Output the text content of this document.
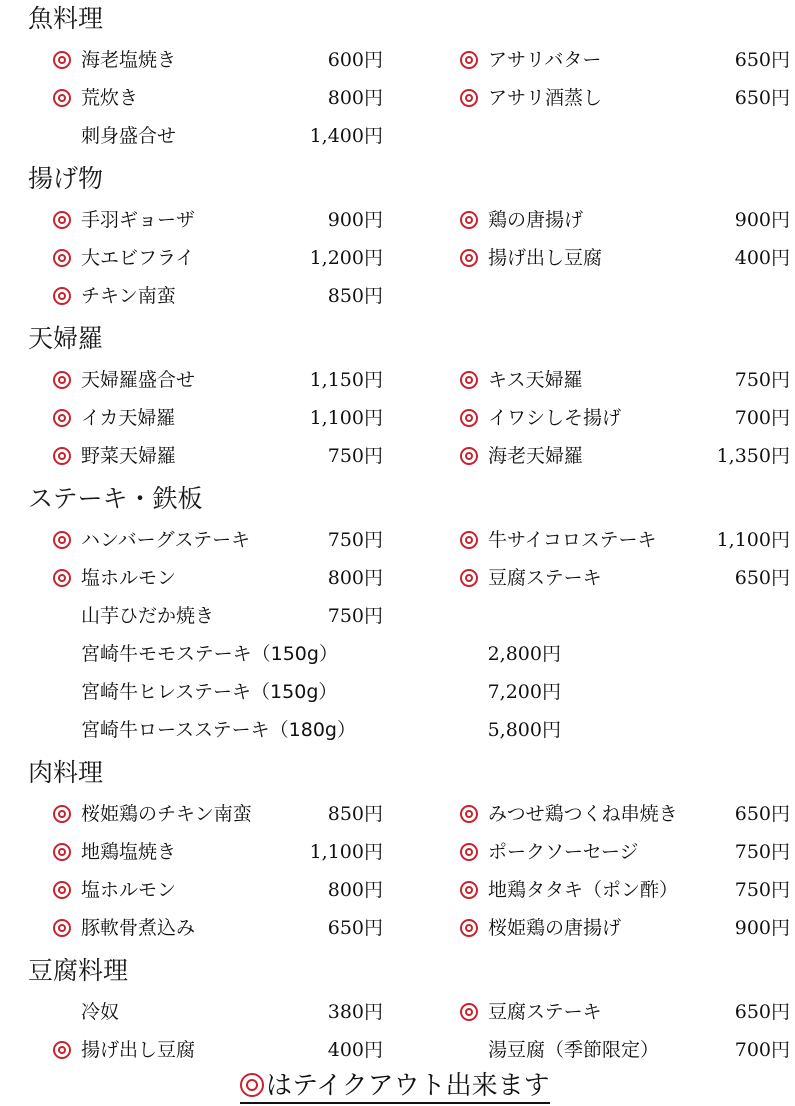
魚料理
海老塩焼き	600円	アサリバター	650円
荒炊き	800円	アサリ酒蒸し	650円
刺身盛合せ	1,400円
揚げ物
手羽ギョーザ	900円	鶏の唐揚げ	900円
大エビフライ	1,200円	揚げ出し豆腐	400円
チキン南蛮	850円
天婦羅
天婦羅盛合せ	1,150円	キス天婦羅	750円
イカ天婦羅	1,100円	イワシしそ揚げ	700円
野菜天婦羅	750円	海老天婦羅	1,350円
ステーキ・鉄板
ハンバーグステーキ	750円	牛サイコロステーキ	1,100円
塩ホルモン	800円	豆腐ステーキ	650円
山芋ひだか焼き	750円
宮崎牛モモステーキ（150g）	2,800円
宮崎牛ヒレステーキ（150g）	7,200円
宮崎牛ロースステーキ（180g）	5,800円
肉料理
桜姫鶏のチキン南蛮	850円	みつせ鶏つくね串焼き	650円
地鶏塩焼き	1,100円	ポークソーセージ	750円
塩ホルモン	800円	地鶏タタキ（ポン酢）	750円
豚軟骨煮込み	650円	桜姫鶏の唐揚げ	900円
豆腐料理
冷奴	380円	豆腐ステーキ	650円
揚げ出し豆腐	400円	湯豆腐（季節限定）	700円
はテイクアウト出来ます
